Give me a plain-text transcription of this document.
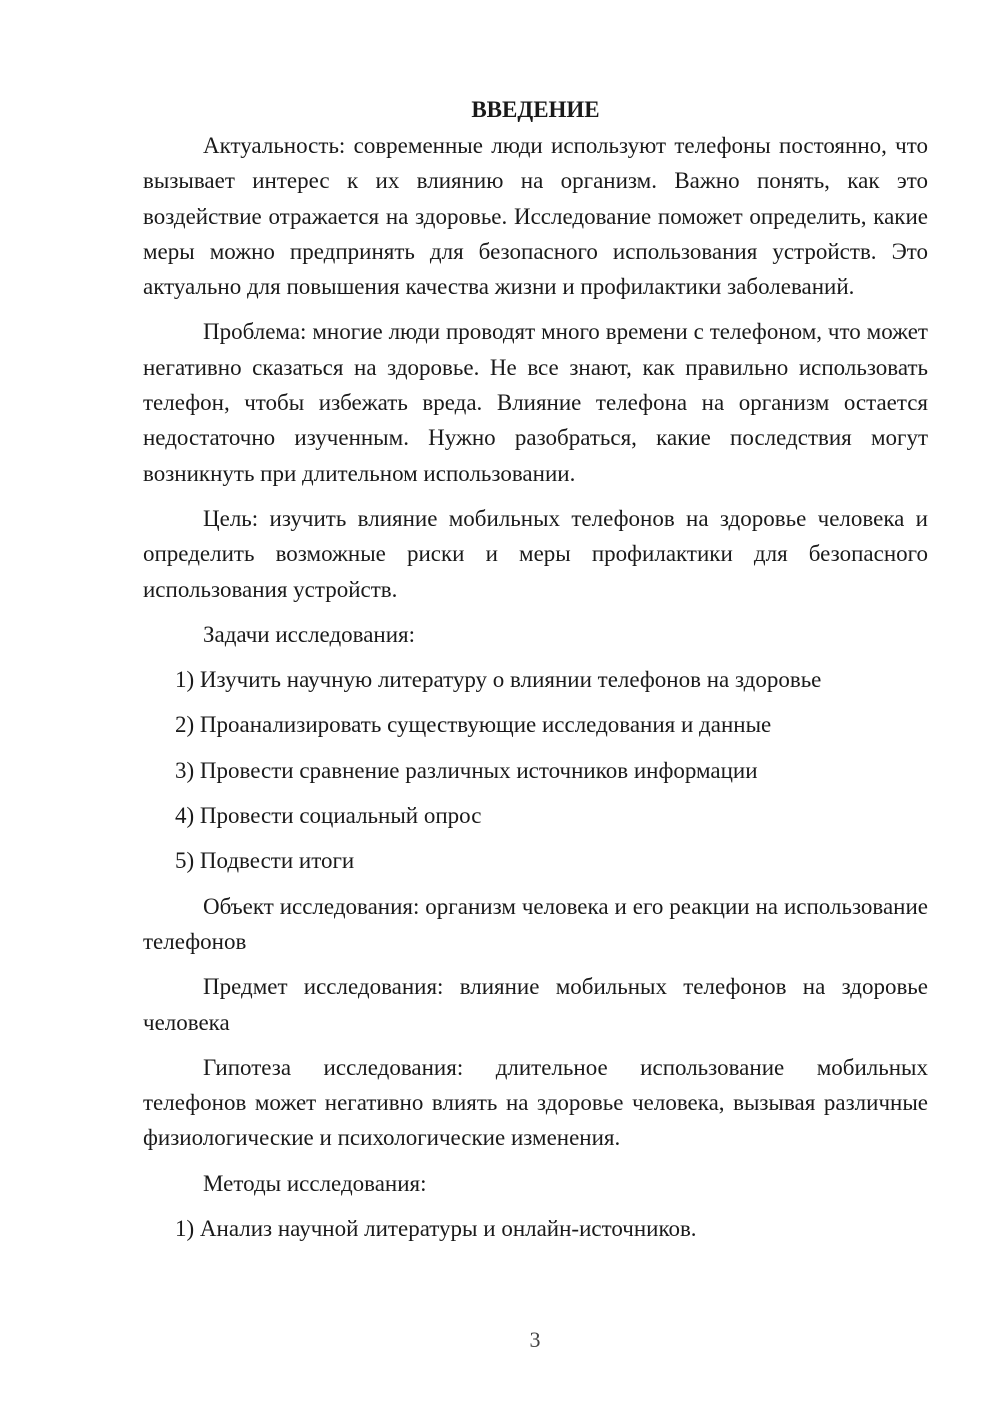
ВВЕДЕНИЕ

Актуальность: современные люди используют телефоны постоянно, что вызывает интерес к их влиянию на организм. Важно понять, как это воздействие отражается на здоровье. Исследование поможет определить, какие меры можно предпринять для безопасного использования устройств. Это актуально для повышения качества жизни и профилактики заболеваний.

Проблема: многие люди проводят много времени с телефоном, что может негативно сказаться на здоровье. Не все знают, как правильно использовать телефон, чтобы избежать вреда. Влияние телефона на организм остается недостаточно изученным. Нужно разобраться, какие последствия могут возникнуть при длительном использовании.

Цель: изучить влияние мобильных телефонов на здоровье человека и определить возможные риски и меры профилактики для безопасного использования устройств.

Задачи исследования:

1) Изучить научную литературу о влиянии телефонов на здоровье
2) Проанализировать существующие исследования и данные
3) Провести сравнение различных источников информации
4) Провести социальный опрос
5) Подвести итоги

Объект исследования: организм человека и его реакции на использование телефонов

Предмет исследования: влияние мобильных телефонов на здоровье человека

Гипотеза исследования: длительное использование мобильных телефонов может негативно влиять на здоровье человека, вызывая различные физиологические и психологические изменения.

Методы исследования:

1) Анализ научной литературы и онлайн-источников.
3
